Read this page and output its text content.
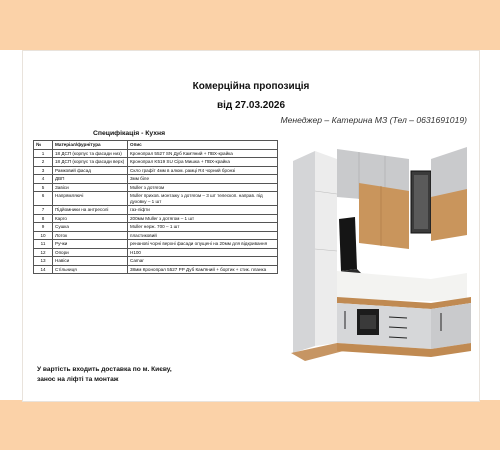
Комерційна пропозиція
від 27.03.2026
Менеджер – Катерина МЗ (Тел – 0631691019)
Специфікація - Кухня
№	Матеріал/фурнітура	Опис
1	18 ДСП (корпус та фасади низ)	Кронопрал 5527 SN Дуб Кам'яний + ПВХ-крайка
2	18 ДСП (корпус та фасади верх)	Кронопрал K519 SU Сіра Мишка + ПВХ-крайка
3	Рамковий фасад	Скло графіт 4мм в алюм. рамці R4 чорний бронзі
4	ДВП	3мм біле
5	Завіси	Muller з дотягом
6	Напрямляючі	Muller прихов. монтажу з дотягом – 3 шт телескоп. направ. під духовку – 1 шт
7	Підйомники на антресолі	газ-ліфти
8	Карго	200мм Muller з дотягом – 1 шт
9	Сушка	Muller нерж. 700 – 1 шт
10	Лоток	пластиковий
11	Ручки	ренанові чорні верхні фасади опущені на 20мм для відкривання
12	Опори	Н100
13	Навіси	Camar
14	Стільниця	38мм Кронопрал 5527 РР Дуб Кам'яний + бортик + стик. планка
У вартість входить доставка по м. Києву,
занос на ліфті та монтаж
